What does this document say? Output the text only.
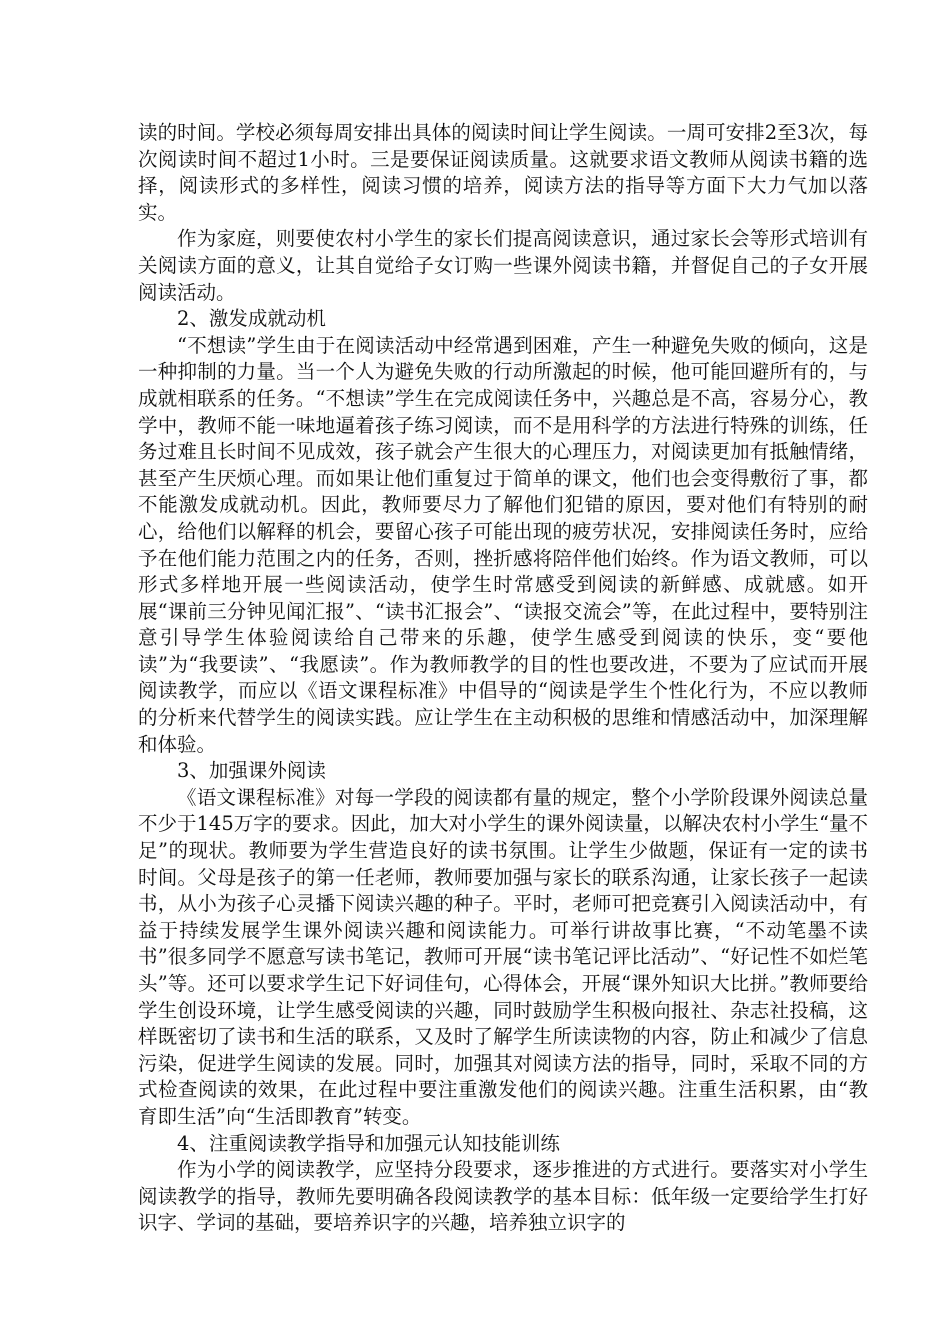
读的时间。学校必须每周安排出具体的阅读时间让学生阅读。一周可安排2至3次，每次阅读时间不超过1小时。三是要保证阅读质量。这就要求语文教师从阅读书籍的选择，阅读形式的多样性，阅读习惯的培养，阅读方法的指导等方面下大力气加以落实。

作为家庭，则要使农村小学生的家长们提高阅读意识，通过家长会等形式培训有关阅读方面的意义，让其自觉给子女订购一些课外阅读书籍，并督促自己的子女开展阅读活动。

2、激发成就动机

“不想读”学生由于在阅读活动中经常遇到困难，产生一种避免失败的倾向，这是一种抑制的力量。当一个人为避免失败的行动所激起的时候，他可能回避所有的，与成就相联系的任务。“不想读”学生在完成阅读任务中，兴趣总是不高，容易分心，教学中，教师不能一味地逼着孩子练习阅读，而不是用科学的方法进行特殊的训练，任务过难且长时间不见成效，孩子就会产生很大的心理压力，对阅读更加有抵触情绪，甚至产生厌烦心理。而如果让他们重复过于简单的课文，他们也会变得敷衍了事，都不能激发成就动机。因此，教师要尽力了解他们犯错的原因，要对他们有特别的耐心，给他们以解释的机会，要留心孩子可能出现的疲劳状况，安排阅读任务时，应给予在他们能力范围之内的任务，否则，挫折感将陪伴他们始终。作为语文教师，可以形式多样地开展一些阅读活动，使学生时常感受到阅读的新鲜感、成就感。如开展“课前三分钟见闻汇报”、“读书汇报会”、“读报交流会”等，在此过程中，要特别注意引导学生体验阅读给自己带来的乐趣，使学生感受到阅读的快乐，变“要他读”为“我要读”、“我愿读”。作为教师教学的目的性也要改进，不要为了应试而开展阅读教学，而应以《语文课程标准》中倡导的“阅读是学生个性化行为，不应以教师的分析来代替学生的阅读实践。应让学生在主动积极的思维和情感活动中，加深理解和体验。

3、加强课外阅读

《语文课程标准》对每一学段的阅读都有量的规定，整个小学阶段课外阅读总量不少于145万字的要求。因此，加大对小学生的课外阅读量，以解决农村小学生“量不足”的现状。教师要为学生营造良好的读书氛围。让学生少做题，保证有一定的读书时间。父母是孩子的第一任老师，教师要加强与家长的联系沟通，让家长孩子一起读书，从小为孩子心灵播下阅读兴趣的种子。平时，老师可把竞赛引入阅读活动中，有益于持续发展学生课外阅读兴趣和阅读能力。可举行讲故事比赛，“不动笔墨不读书”很多同学不愿意写读书笔记，教师可开展“读书笔记评比活动”、“好记性不如烂笔头”等。还可以要求学生记下好词佳句，心得体会，开展“课外知识大比拼。”教师要给学生创设环境，让学生感受阅读的兴趣，同时鼓励学生积极向报社、杂志社投稿，这样既密切了读书和生活的联系，又及时了解学生所读读物的内容，防止和减少了信息污染，促进学生阅读的发展。同时，加强其对阅读方法的指导，同时，采取不同的方式检查阅读的效果，在此过程中要注重激发他们的阅读兴趣。注重生活积累，由“教育即生活”向“生活即教育”转变。

4、注重阅读教学指导和加强元认知技能训练

作为小学的阅读教学，应坚持分段要求，逐步推进的方式进行。要落实对小学生阅读教学的指导，教师先要明确各段阅读教学的基本目标：低年级一定要给学生打好识字、学词的基础，要培养识字的兴趣，培养独立识字的
